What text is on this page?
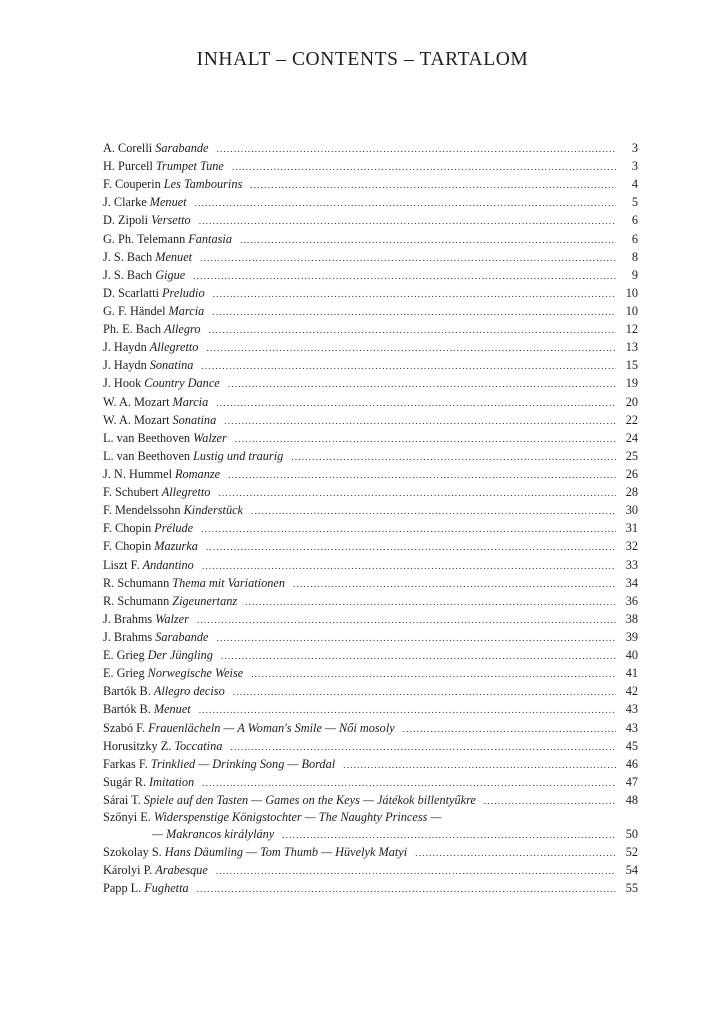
INHALT – CONTENTS – TARTALOM
A. Corelli Sarabande .....	3
H. Purcell Trumpet Tune .....	3
F. Couperin Les Tambourins .....	4
J. Clarke Menuet .....	5
D. Zipoli Versetto .....	6
G. Ph. Telemann Fantasia .....	6
J. S. Bach Menuet .....	8
J. S. Bach Gigue .....	9
D. Scarlatti Preludio .....	10
G. F. Händel Marcia .....	10
Ph. E. Bach Allegro .....	12
J. Haydn Allegretto .....	13
J. Haydn Sonatina .....	15
J. Hook Country Dance .....	19
W. A. Mozart Marcia .....	20
W. A. Mozart Sonatina .....	22
L. van Beethoven Walzer .....	24
L. van Beethoven Lustig und traurig .....	25
J. N. Hummel Romanze .....	26
F. Schubert Allegretto .....	28
F. Mendelssohn Kinderstück .....	30
F. Chopin Prélude .....	31
F. Chopin Mazurka .....	32
Liszt F. Andantino .....	33
R. Schumann Thema mit Variationen .....	34
R. Schumann Zigeunertanz .....	36
J. Brahms Walzer .....	38
J. Brahms Sarabande .....	39
E. Grieg Der Jüngling .....	40
E. Grieg Norwegische Weise .....	41
Bartók B. Allegro deciso .....	42
Bartók B. Menuet .....	43
Szabó F. Frauenlächeln — A Woman's Smile — Női mosoly .....	43
Horusitzky Z. Toccatina .....	45
Farkas F. Trinklied — Drinking Song — Bordal .....	46
Sugár R. Imitation .....	47
Sárai T. Spiele auf den Tasten — Games on the Keys — Játékok billentyűkre .....	48
Szőnyi E. Widerspenstige Königstochter — The Naughty Princess —
— Makrancos királylány .....	50
Szokolay S. Hans Däumling — Tom Thumb — Hüvelyk Matyi .....	52
Károlyi P. Arabesque .....	54
Papp L. Fughetta .....	55
